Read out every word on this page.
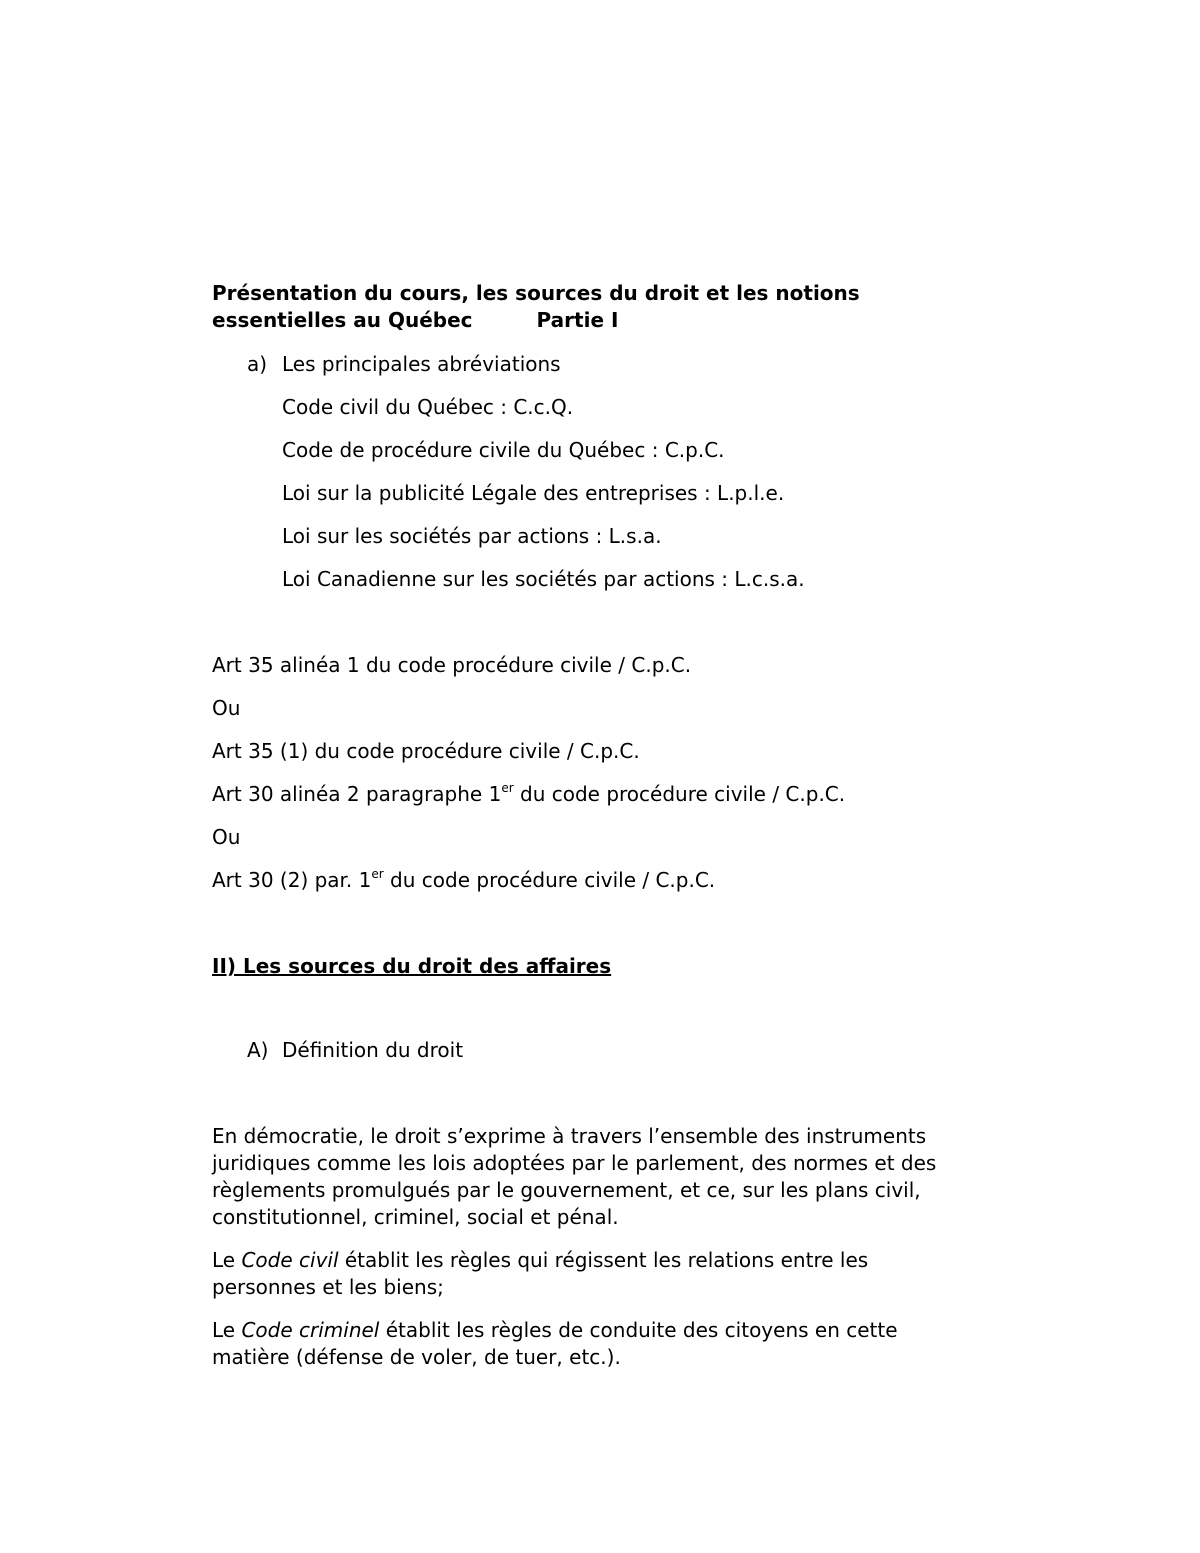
Présentation du cours, les sources du droit et les notions
essentielles au Québec	Partie I

a) Les principales abréviations

Code civil du Québec : C.c.Q.

Code de procédure civile du Québec : C.p.C.

Loi sur la publicité Légale des entreprises : L.p.l.e.

Loi sur les sociétés par actions : L.s.a.

Loi Canadienne sur les sociétés par actions : L.c.s.a.

Art 35 alinéa 1 du code procédure civile / C.p.C.

Ou

Art 35 (1) du code procédure civile / C.p.C.

Art 30 alinéa 2 paragraphe 1er du code procédure civile / C.p.C.

Ou

Art 30 (2) par. 1er du code procédure civile / C.p.C.

II) Les sources du droit des affaires

A) Définition du droit

En démocratie, le droit s’exprime à travers l’ensemble des instruments juridiques comme les lois adoptées par le parlement, des normes et des règlements promulgués par le gouvernement, et ce, sur les plans civil, constitutionnel, criminel, social et pénal.

Le Code civil établit les règles qui régissent les relations entre les personnes et les biens;

Le Code criminel établit les règles de conduite des citoyens en cette matière (défense de voler, de tuer, etc.).
